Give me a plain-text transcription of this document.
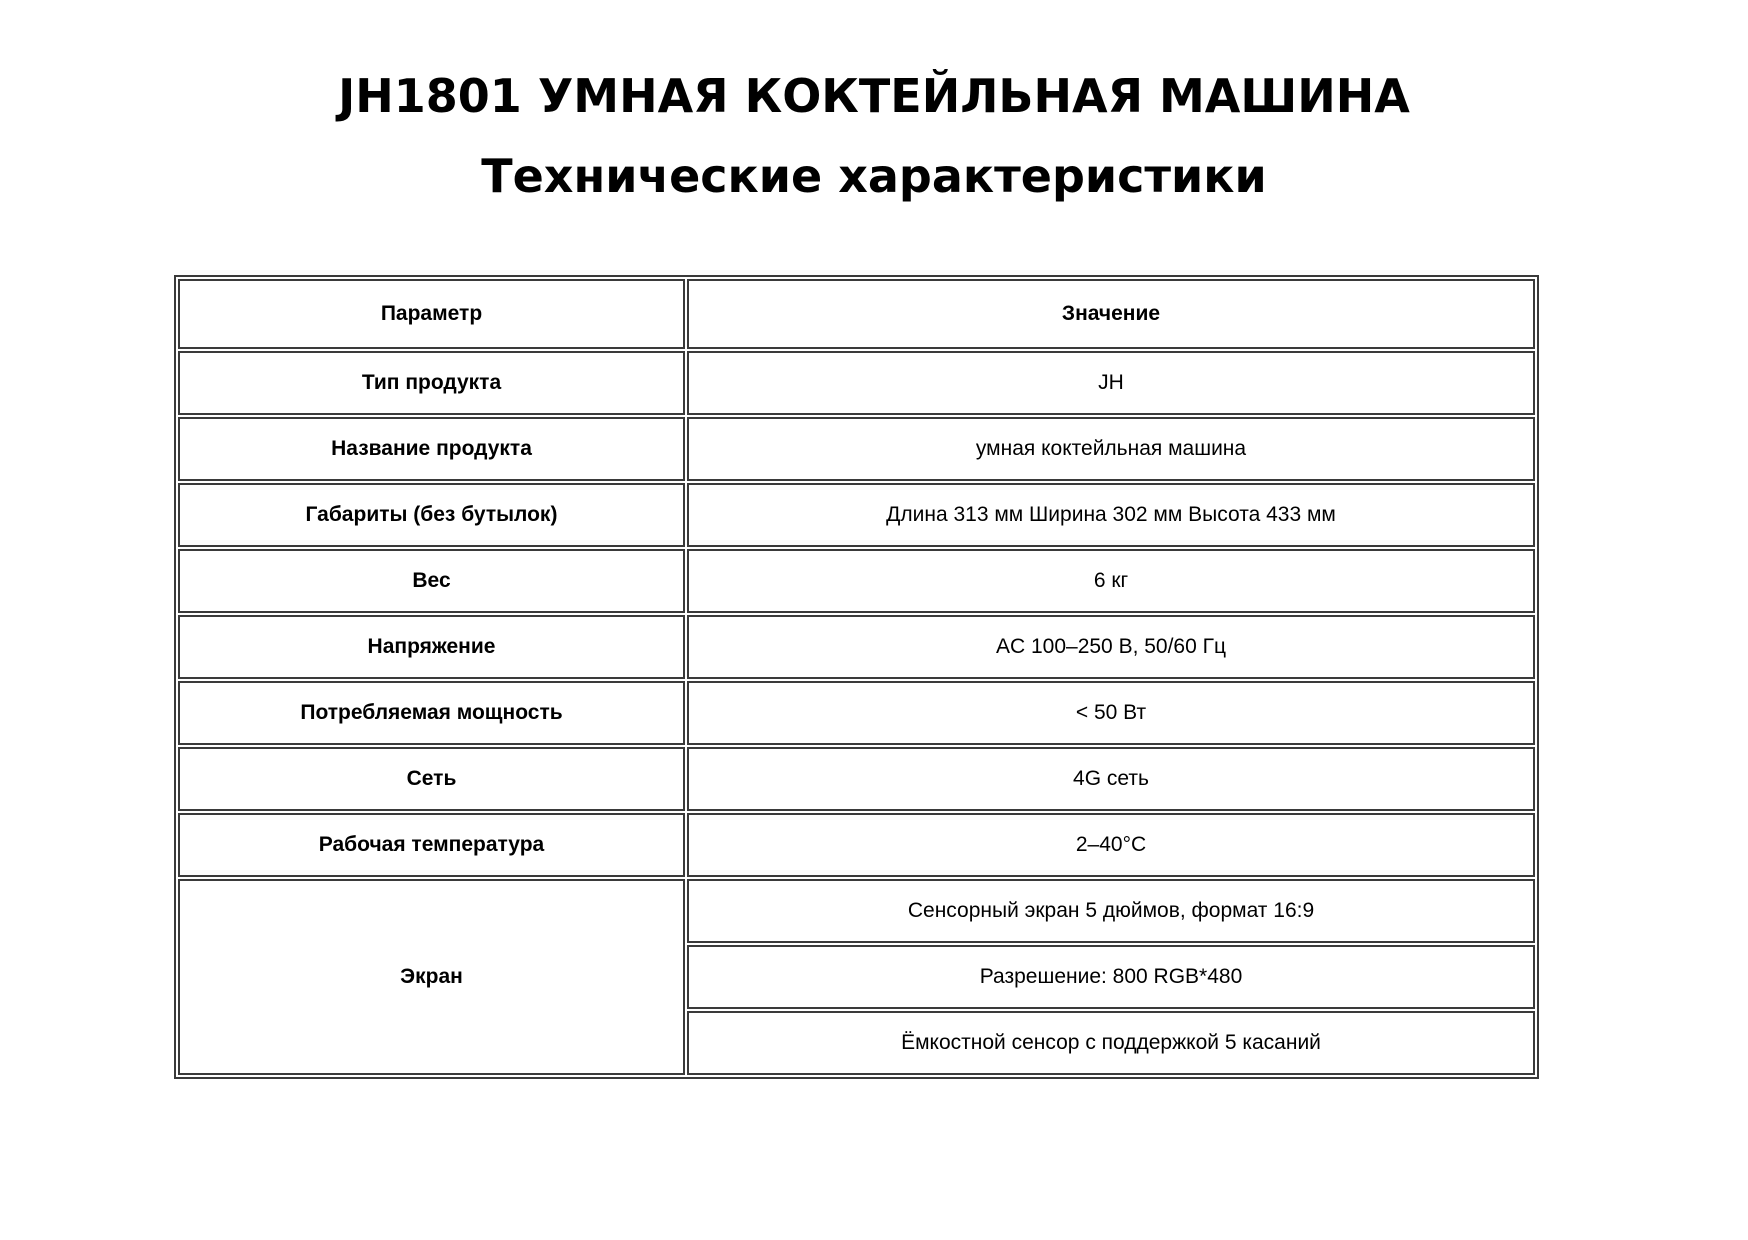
JH1801 УМНАЯ КОКТЕЙЛЬНАЯ МАШИНА
Технические характеристики
Параметр	Значение
Тип продукта	JH
Название продукта	умная коктейльная машина
Габариты (без бутылок)	Длина 313 мм Ширина 302 мм Высота 433 мм
Вес	6 кг
Напряжение	AC 100–250 В, 50/60 Гц
Потребляемая мощность	< 50 Вт
Сеть	4G сеть
Рабочая температура	2–40°C
Экран	Сенсорный экран 5 дюймов, формат 16:9
	Разрешение: 800 RGB*480
	Ёмкостной сенсор с поддержкой 5 касаний
